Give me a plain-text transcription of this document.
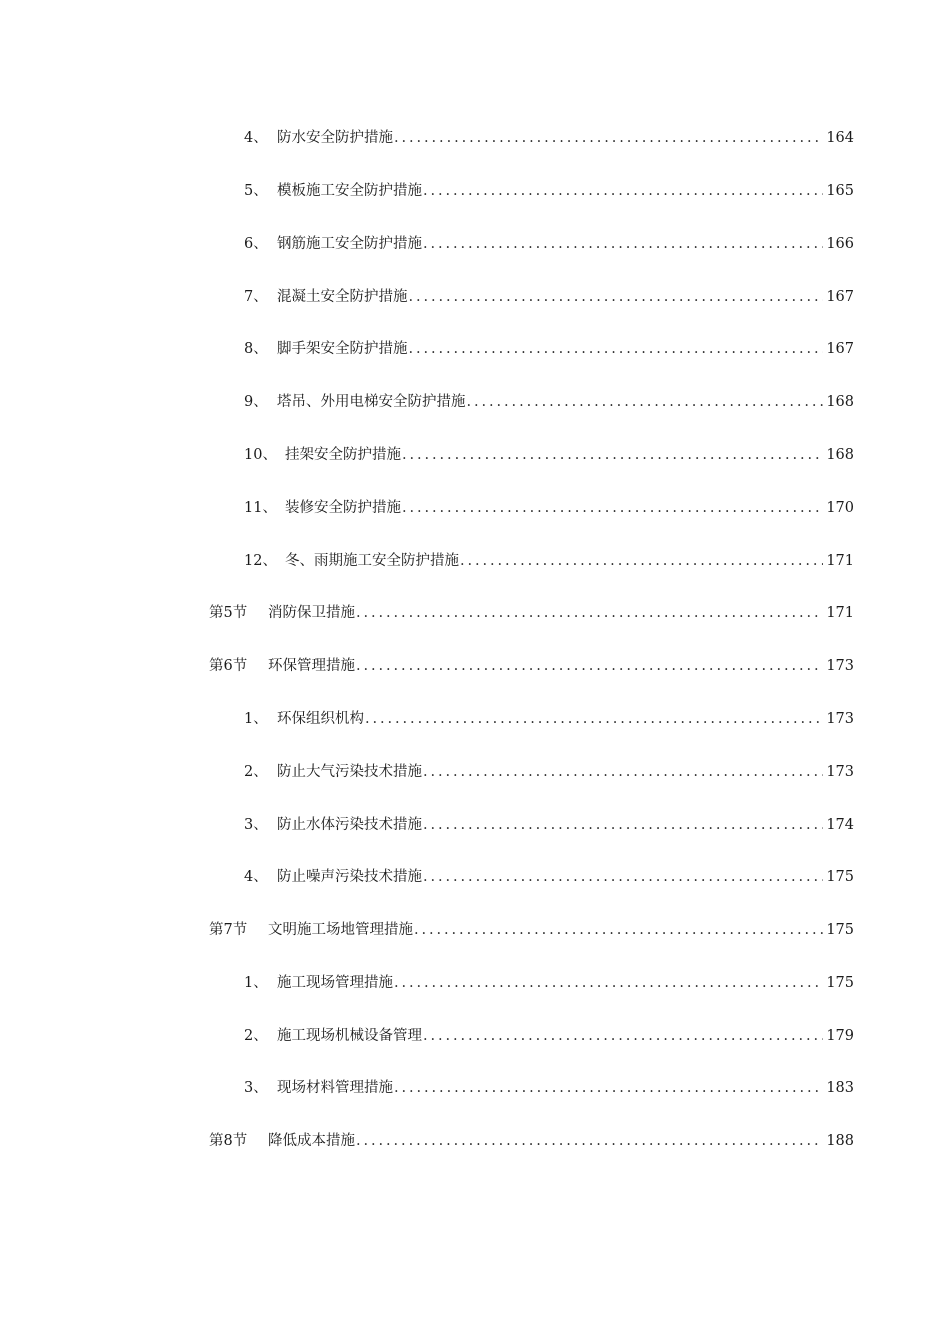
4、 防水安全防护措施 .....	164
5、 模板施工安全防护措施 .....	165
6、 钢筋施工安全防护措施 .....	166
7、 混凝土安全防护措施 .....	167
8、 脚手架安全防护措施 .....	167
9、 塔吊、外用电梯安全防护措施 .....	168
10、 挂架安全防护措施 .....	168
11、 装修安全防护措施 .....	170
12、 冬、雨期施工安全防护措施 .....	171
第5节	消防保卫措施 .....	171
第6节	环保管理措施 .....	173
1、 环保组织机构 .....	173
2、 防止大气污染技术措施 .....	173
3、 防止水体污染技术措施 .....	174
4、 防止噪声污染技术措施 .....	175
第7节	文明施工场地管理措施 .....	175
1、 施工现场管理措施 .....	175
2、 施工现场机械设备管理 .....	179
3、 现场材料管理措施 .....	183
第8节	降低成本措施 .....	188
